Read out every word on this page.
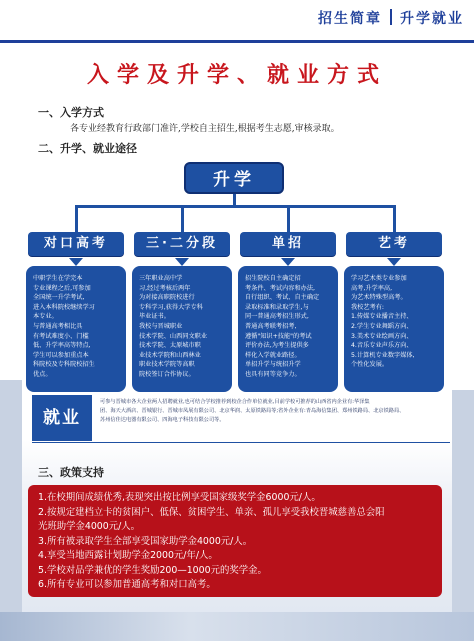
招生简章 升学就业
入学及升学、就业方式
一、入学方式
各专业经教育行政部门准许,学校自主招生,根据考生志愿,审核录取。
二、升学、就业途径
升学
对口高考	三·二分段	单招	艺考
中职学生在学完本
专业课程之后,可参加
全国统一升学考试,
进入本科院校继续学习
本专业。
与普通高考相比具
有考试难度小、门槛
低、升学率高等特点,
学生可以参加重点本
科院校及专科院校招生
优点。
三年职业高中学
习,经过考核后两年
为对接高职院校进行
专科学习,获得大学专科
毕业证书。
我校与晋城职业
技术学院、山西同文职业
技术学院、太原城市职
业技术学院和山西林业
职业技术学院等高职
院校签订合作协议。
招生院校自主确定招
考条件、考试内容和办法,
自行组织、考试、自主确定
录取标准和录取学生,与
同一普通高考招生形式,
普通高考联考招考,
遵循"知识+技能"的考试
评价办法,为考生提供多
样化入学就业路径。
单招升学与统招升学
也具有同等竞争力。
学习艺术类专业参加
高考,升学率高,
为艺术特殊型高考。
我校艺考有:
1.传媒专业播音主持、
2.学生专业舞蹈方向、
3.美术专业绘画方向、
4.音乐专业声乐方向、
5.计算机专业数字媒体,
个性化发展。
就业
可参与晋城市各大企业两人招聘就业,也可结合学校推荐到校企合作单位就业,目前学校可推荐的山西省内企业有:华泽集
团、海天大酒店、晋城银行、晋城市凤展有限公司、北京华润、太原铁路局等;省外企业有:青岛海信集团、郑州铁路局、北京铁路局、
苏州信佳达电器有限公司、四海电子科技有限公司等。
三、政策支持
1.在校期间成绩优秀,表现突出按比例享受国家级奖学金6000元/人。
2.按规定建档立卡的贫困户、低保、贫困学生、单亲、孤儿享受我校晋城慈善总会阳
光班助学金4000元/人。
3.所有被录取学生全部享受国家助学金4000元/人。
4.享受当地西露计划助学金2000元/年/人。
5.学校对品学兼优的学生奖励200—1000元的奖学金。
6.所有专业可以参加普通高考和对口高考。
